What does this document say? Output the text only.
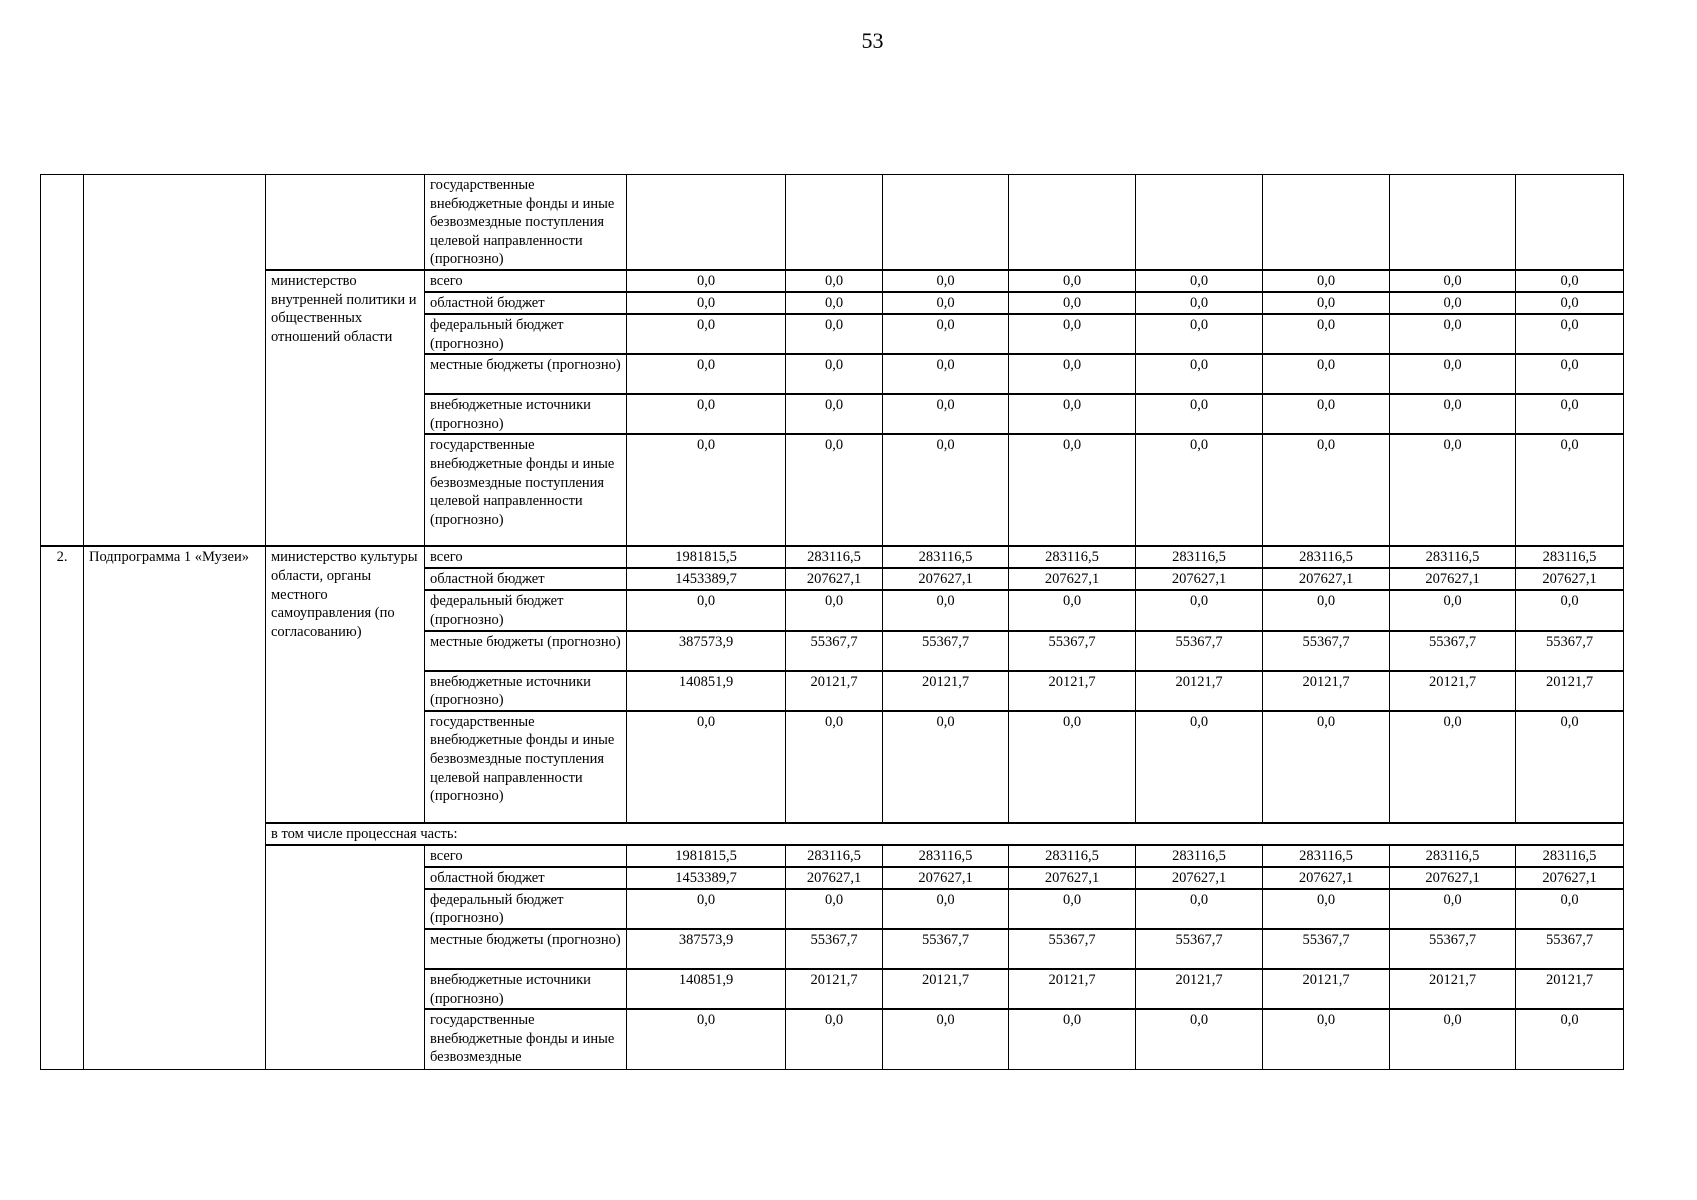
53
			государственные внебюджетные фонды и иные безвозмездные поступления целевой направленности (прогнозно)								
		министерство внутренней политики и общественных отношений области	всего	0,0	0,0	0,0	0,0	0,0	0,0	0,0	0,0
			областной бюджет	0,0	0,0	0,0	0,0	0,0	0,0	0,0	0,0
			федеральный бюджет (прогнозно)	0,0	0,0	0,0	0,0	0,0	0,0	0,0	0,0
			местные бюджеты (прогнозно)	0,0	0,0	0,0	0,0	0,0	0,0	0,0	0,0
			внебюджетные источники (прогнозно)	0,0	0,0	0,0	0,0	0,0	0,0	0,0	0,0
			государственные внебюджетные фонды и иные безвозмездные поступления целевой направленности (прогнозно)	0,0	0,0	0,0	0,0	0,0	0,0	0,0	0,0
2.	Подпрограмма 1 «Музеи»	министерство культуры области, органы местного самоуправления (по согласованию)	всего	1981815,5	283116,5	283116,5	283116,5	283116,5	283116,5	283116,5	283116,5
			областной бюджет	1453389,7	207627,1	207627,1	207627,1	207627,1	207627,1	207627,1	207627,1
			федеральный бюджет (прогнозно)	0,0	0,0	0,0	0,0	0,0	0,0	0,0	0,0
			местные бюджеты (прогнозно)	387573,9	55367,7	55367,7	55367,7	55367,7	55367,7	55367,7	55367,7
			внебюджетные источники (прогнозно)	140851,9	20121,7	20121,7	20121,7	20121,7	20121,7	20121,7	20121,7
			государственные внебюджетные фонды и иные безвозмездные поступления целевой направленности (прогнозно)	0,0	0,0	0,0	0,0	0,0	0,0	0,0	0,0
		в том числе процессная часть:									
			всего	1981815,5	283116,5	283116,5	283116,5	283116,5	283116,5	283116,5	283116,5
			областной бюджет	1453389,7	207627,1	207627,1	207627,1	207627,1	207627,1	207627,1	207627,1
			федеральный бюджет (прогнозно)	0,0	0,0	0,0	0,0	0,0	0,0	0,0	0,0
			местные бюджеты (прогнозно)	387573,9	55367,7	55367,7	55367,7	55367,7	55367,7	55367,7	55367,7
			внебюджетные источники (прогнозно)	140851,9	20121,7	20121,7	20121,7	20121,7	20121,7	20121,7	20121,7
			государственные внебюджетные фонды и иные безвозмездные	0,0	0,0	0,0	0,0	0,0	0,0	0,0	0,0
